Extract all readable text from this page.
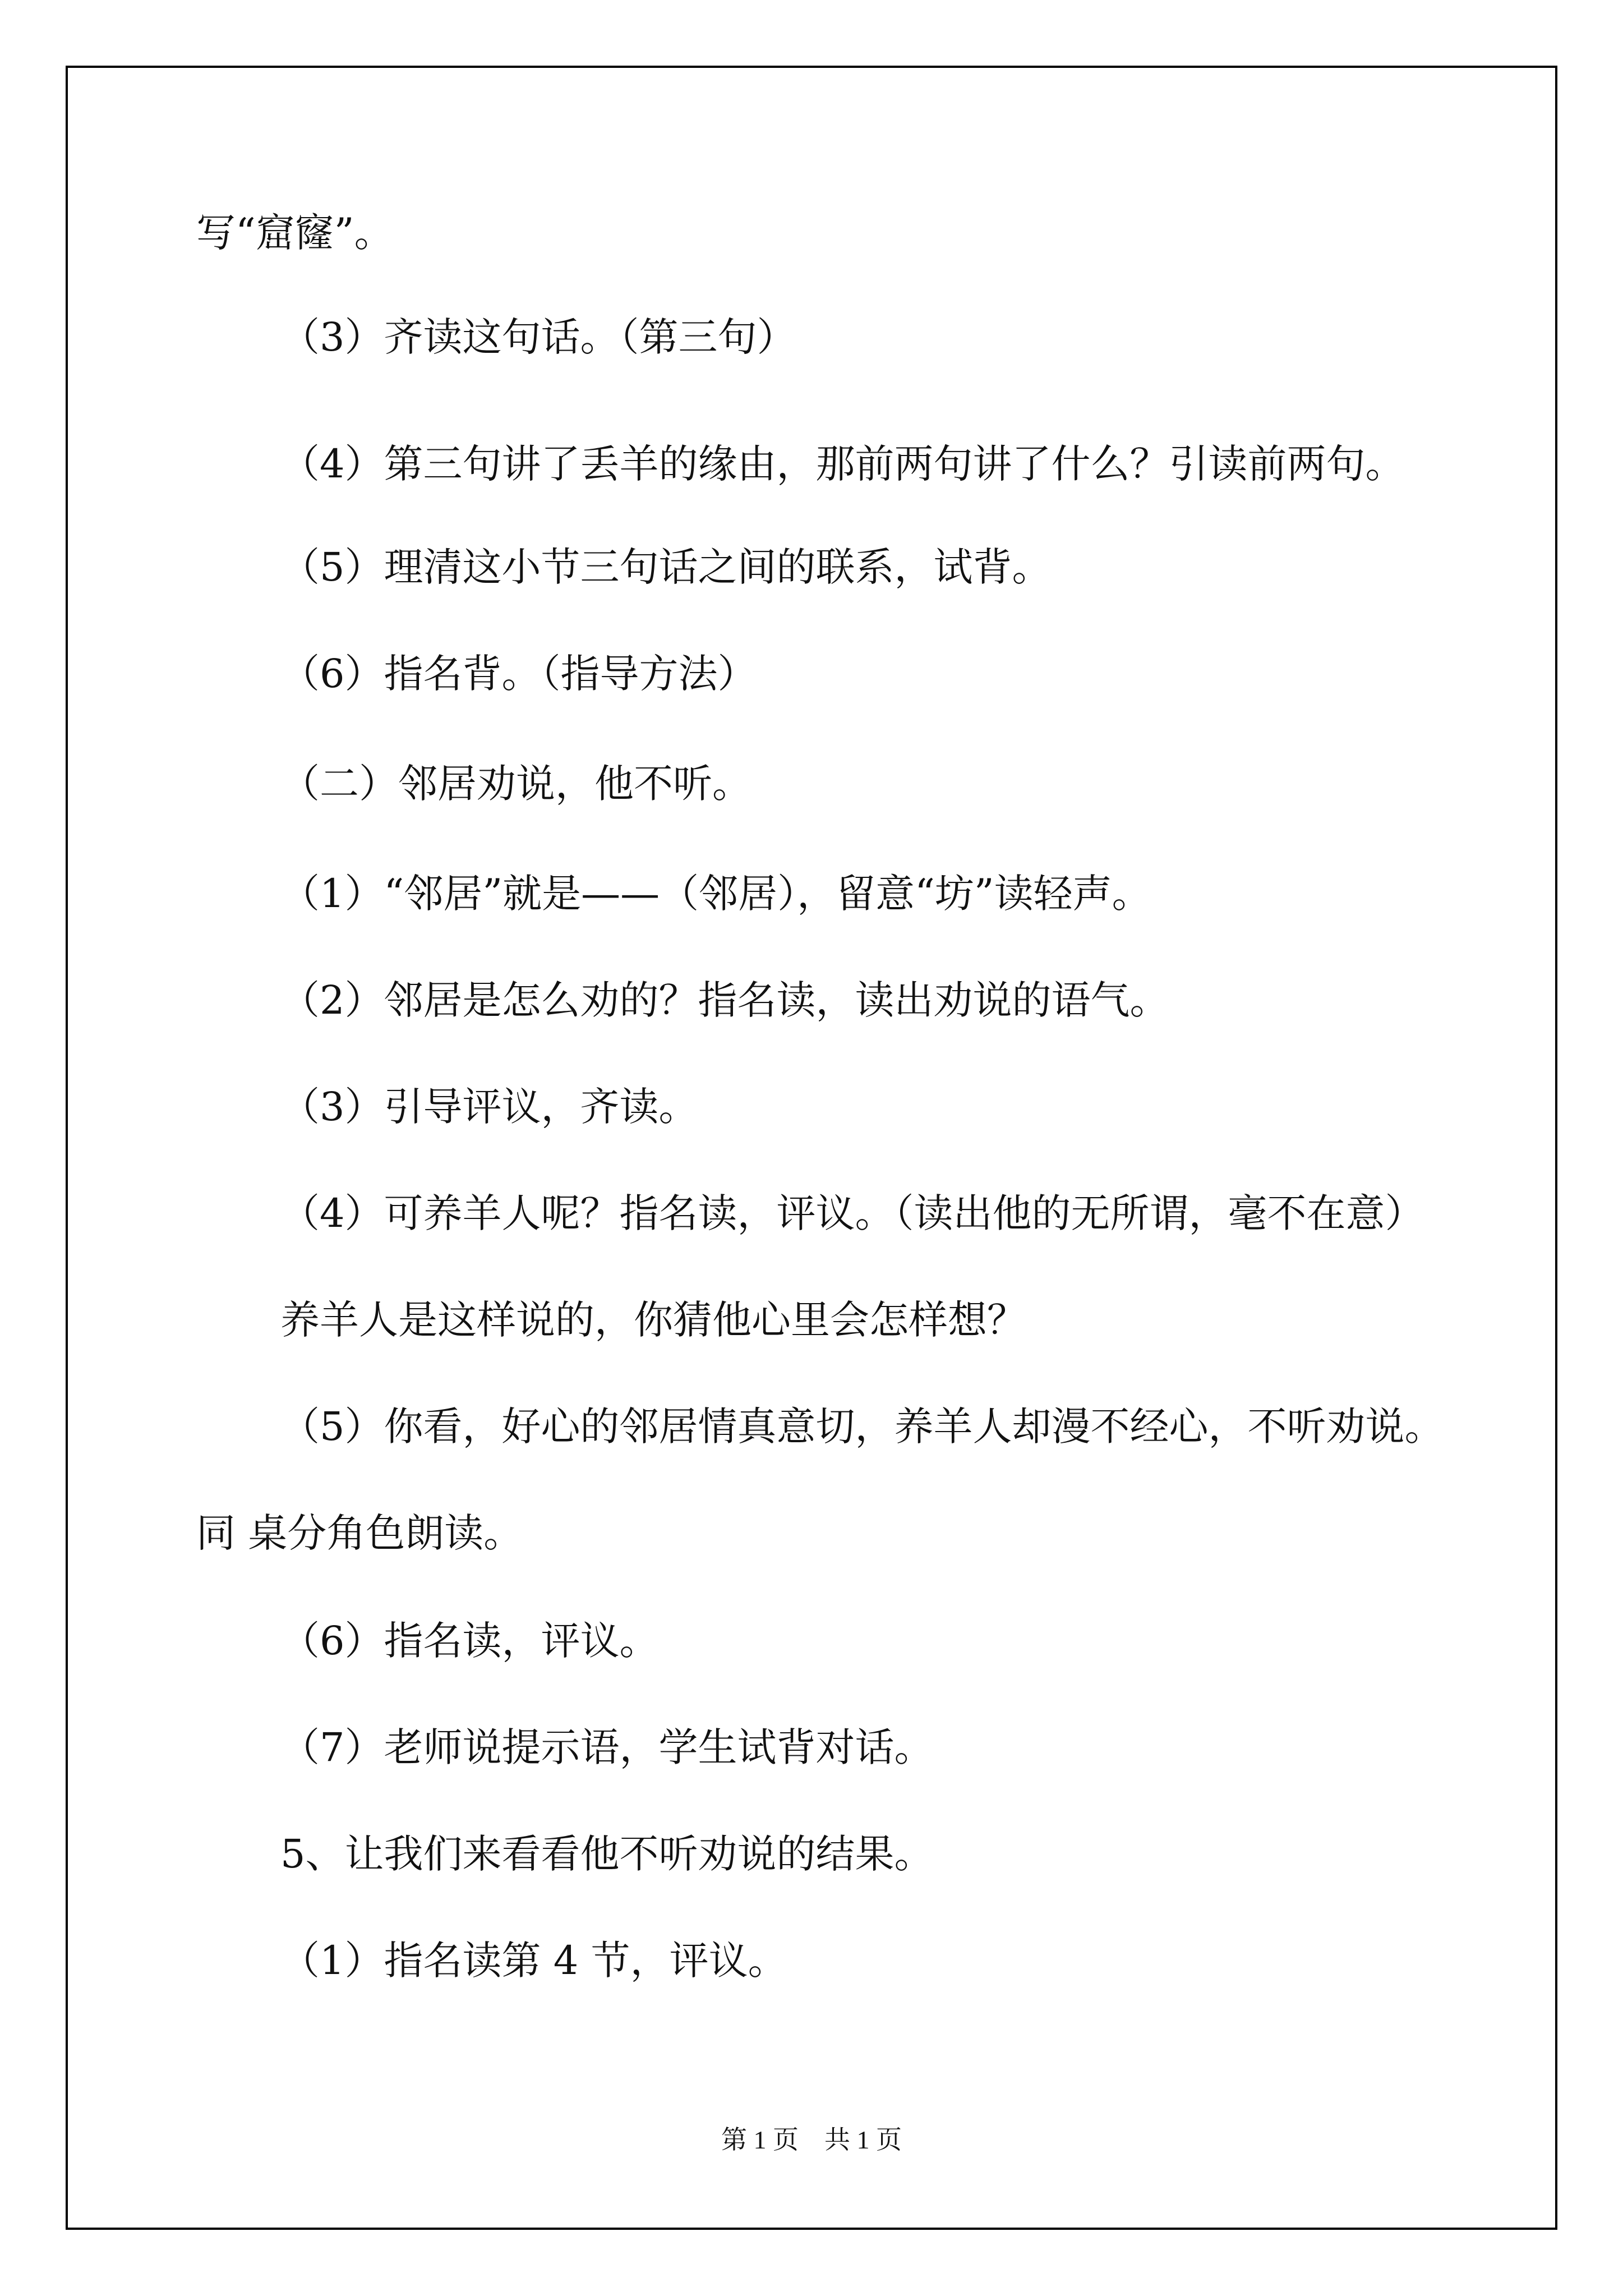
写“窟窿”。
（3）齐读这句话。（第三句）
（4）第三句讲了丢羊的缘由，那前两句讲了什么？引读前两句。
（5）理清这小节三句话之间的联系，试背。
（6）指名背。（指导方法）
（二）邻居劝说，他不听。
（1）“邻居”就是——（邻居），留意“坊”读轻声。
（2）邻居是怎么劝的？指名读，读出劝说的语气。
（3）引导评议，齐读。
（4）可养羊人呢？指名读，评议。（读出他的无所谓，毫不在意）
养羊人是这样说的，你猜他心里会怎样想？
（5）你看，好心的邻居情真意切，养羊人却漫不经心，不听劝说。
同 桌分角色朗读。
（6）指名读，评议。
（7）老师说提示语，学生试背对话。
5、让我们来看看他不听劝说的结果。
（1）指名读第 4 节，评议。
第 1 页　共 1 页
